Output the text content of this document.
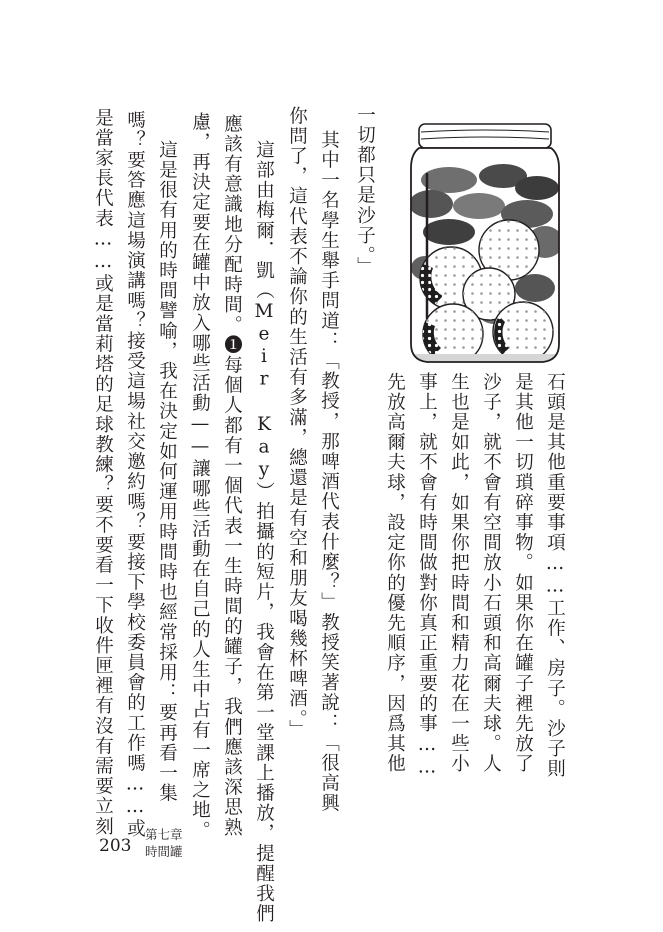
石頭是其他重要事項……工作、房子。沙子則
是其他一切瑣碎事物。如果你在罐子裡先放了
沙子，就不會有空間放小石頭和高爾夫球。人
生也是如此，如果你把時間和精力花在一些小
事上，就不會有時間做對你真正重要的事……
先放高爾夫球，設定你的優先順序，因爲其他
一切都只是沙子。」
　其中一名學生舉手問道：「教授，那啤酒代表什麼？」教授笑著說：「很高興
你問了，這代表不論你的生活有多滿，總還是有空和朋友喝幾杯啤酒。」
　這部由梅爾．凱（Meir Kay）拍攝的短片，我會在第一堂課上播放，提醒我們
應該有意識地分配時間。❶每個人都有一個代表一生時間的罐子，我們應該深思熟
慮，再決定要在罐中放入哪些活動——讓哪些活動在自己的人生中占有一席之地。
　這是很有用的時間譬喻，我在決定如何運用時間時也經常採用：要再看一集
嗎？要答應這場演講嗎？接受這場社交邀約嗎？要接下學校委員會的工作嗎……或
是當家長代表……或是當莉塔的足球教練？要不要看一下收件匣裡有沒有需要立刻
203
第七章
時間罐
